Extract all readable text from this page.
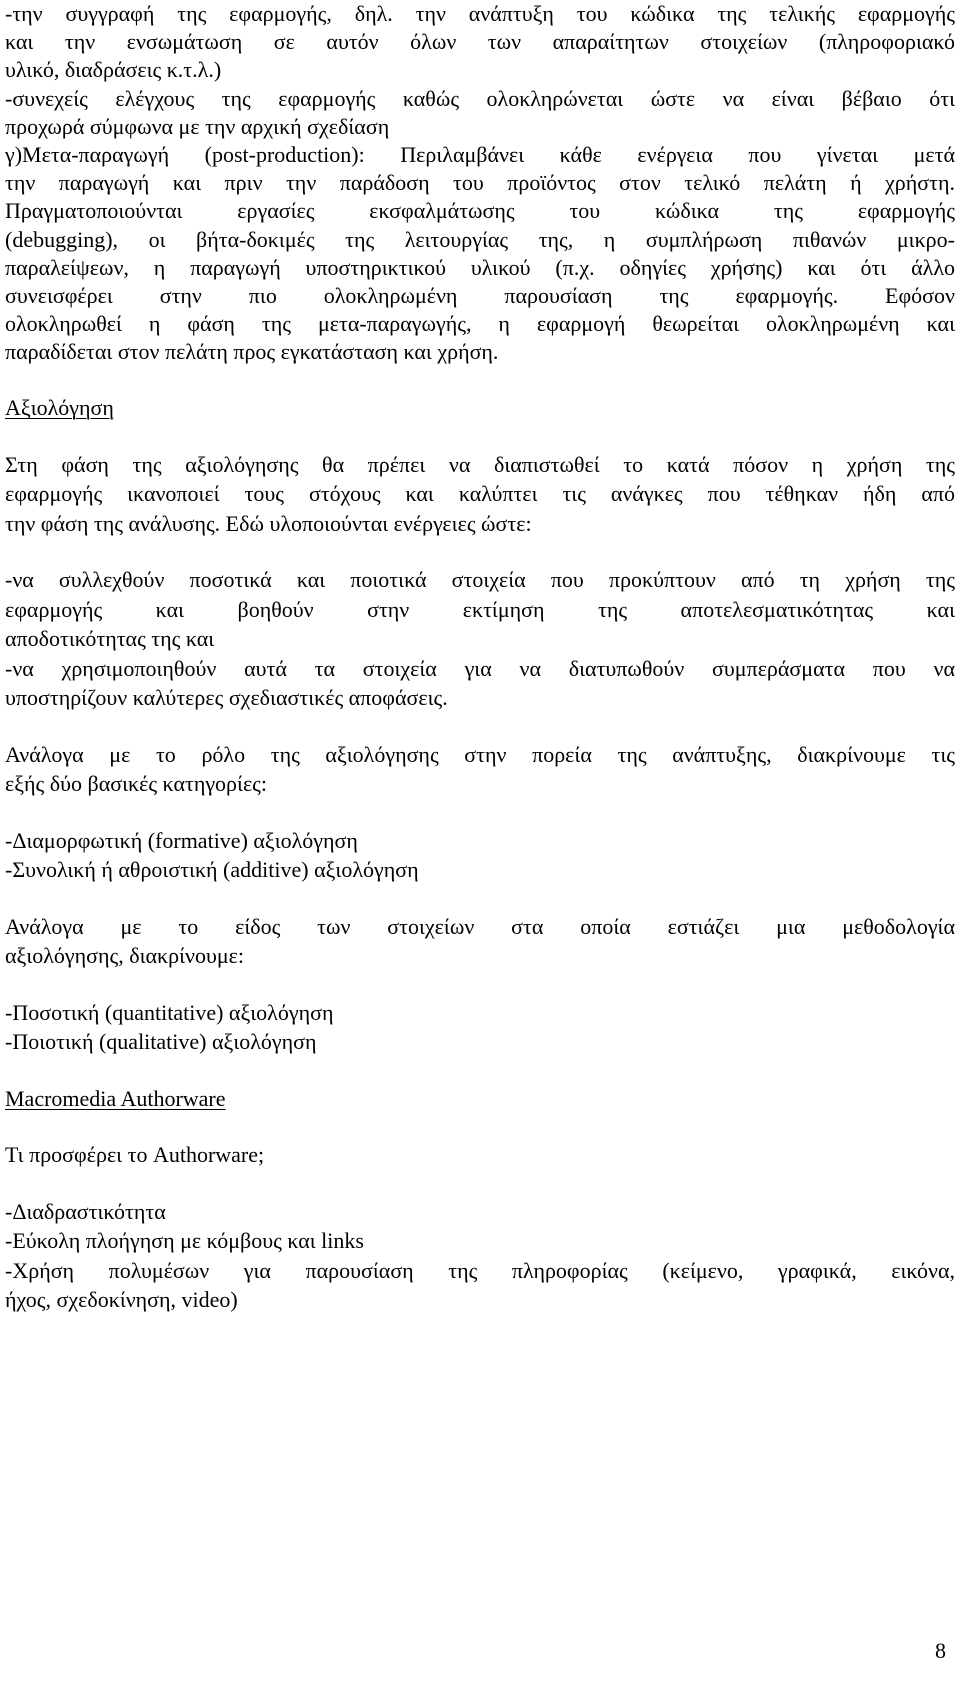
-την συγγραφή της εφαρμογής, δηλ. την ανάπτυξη του κώδικα της τελικής εφαρμογής
και την ενσωμάτωση σε αυτόν όλων των απαραίτητων στοιχείων (πληροφοριακό
υλικό, διαδράσεις κ.τ.λ.)
-συνεχείς ελέγχους της εφαρμογής καθώς ολοκληρώνεται ώστε να είναι βέβαιο ότι
προχωρά σύμφωνα με την αρχική σχεδίαση
γ)Μετα-παραγωγή (post-production): Περιλαμβάνει κάθε ενέργεια που γίνεται μετά
την παραγωγή και πριν την παράδοση του προϊόντος στον τελικό πελάτη ή χρήστη.
Πραγματοποιούνται εργασίες εκσφαλμάτωσης του κώδικα της εφαρμογής
(debugging), οι βήτα-δοκιμές της λειτουργίας της, η συμπλήρωση πιθανών μικρο-
παραλείψεων, η παραγωγή υποστηρικτικού υλικού (π.χ. οδηγίες χρήσης) και ότι άλλο
συνεισφέρει στην πιο ολοκληρωμένη παρουσίαση της εφαρμογής. Εφόσον
ολοκληρωθεί η φάση της μετα-παραγωγής, η εφαρμογή θεωρείται ολοκληρωμένη και
παραδίδεται στον πελάτη προς εγκατάσταση και χρήση.
Αξιολόγηση
Στη φάση της αξιολόγησης θα πρέπει να διαπιστωθεί το κατά πόσον η χρήση της
εφαρμογής ικανοποιεί τους στόχους και καλύπτει τις ανάγκες που τέθηκαν ήδη από
την φάση της ανάλυσης. Εδώ υλοποιούνται ενέργειες ώστε:
-να συλλεχθούν ποσοτικά και ποιοτικά στοιχεία που προκύπτουν από τη χρήση της
εφαρμογής και βοηθούν στην εκτίμηση της αποτελεσματικότητας και
αποδοτικότητας της και
-να χρησιμοποιηθούν αυτά τα στοιχεία για να διατυπωθούν συμπεράσματα που να
υποστηρίζουν καλύτερες σχεδιαστικές αποφάσεις.
Ανάλογα με το ρόλο της αξιολόγησης στην πορεία της ανάπτυξης, διακρίνουμε τις
εξής δύο βασικές κατηγορίες:
-Διαμορφωτική (formative) αξιολόγηση
-Συνολική ή αθροιστική (additive) αξιολόγηση
Ανάλογα με το είδος των στοιχείων στα οποία εστιάζει μια μεθοδολογία
αξιολόγησης, διακρίνουμε:
-Ποσοτική (quantitative) αξιολόγηση
-Ποιοτική (qualitative) αξιολόγηση
Macromedia Authorware
Τι προσφέρει το Authorware;
-Διαδραστικότητα
-Εύκολη πλοήγηση με κόμβους και links
-Χρήση πολυμέσων για παρουσίαση της πληροφορίας (κείμενο, γραφικά, εικόνα,
ήχος, σχεδοκίνηση, video)
8
